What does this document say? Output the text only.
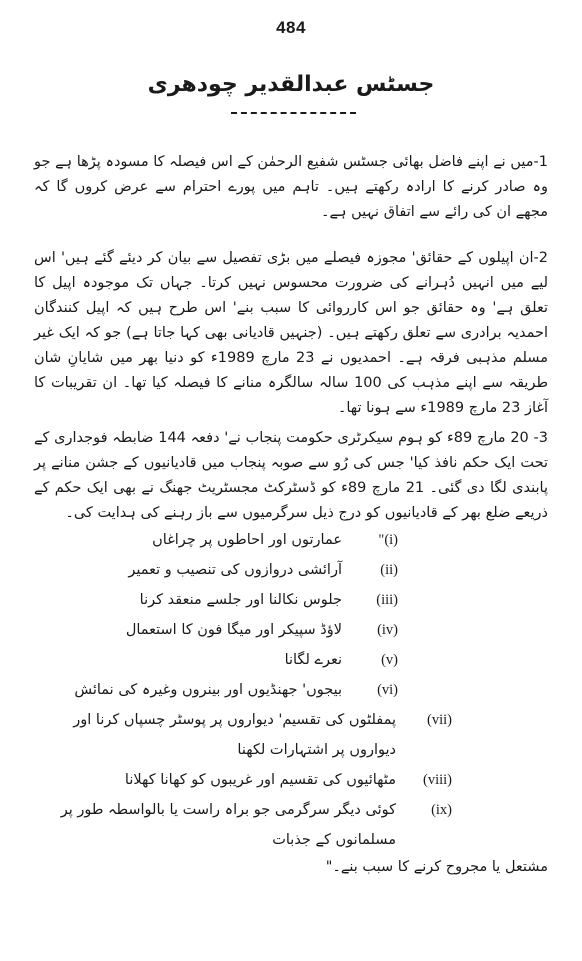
484
جسٹس عبدالقدیر چودھری

1-میں نے اپنے فاضل بھائی جسٹس شفیع الرحمٰن کے اس فیصلہ کا مسودہ پڑھا ہے جو وہ صادر کرنے کا ارادہ رکھتے ہیں۔ تاہم میں پورے احترام سے عرض کروں گا کہ مجھے ان کی رائے سے اتفاق نہیں ہے۔

2-ان اپیلوں کے حقائق' مجوزہ فیصلے میں بڑی تفصیل سے بیان کر دیئے گئے ہیں' اس لیے میں انہیں دُہرانے کی ضرورت محسوس نہیں کرتا۔ جہاں تک موجودہ اپیل کا تعلق ہے' وہ حقائق جو اس کارروائی کا سبب بنے' اس طرح ہیں کہ اپیل کنندگان احمدیہ برادری سے تعلق رکھتے ہیں۔ (جنہیں قادیانی بھی کہا جاتا ہے) جو کہ ایک غیر مسلم مذہبی فرقہ ہے۔ احمدیوں نے 23 مارچ 1989ء کو دنیا بھر میں شایانِ شان طریقہ سے اپنے مذہب کی 100 سالہ سالگرہ منانے کا فیصلہ کیا تھا۔ ان تقریبات کا آغاز 23 مارچ 1989ء سے ہونا تھا۔

3- 20 مارچ 89ء کو ہوم سیکرٹری حکومت پنجاب نے' دفعہ 144 ضابطہ فوجداری کے تحت ایک حکم نافذ کیا' جس کی رُو سے صوبہ پنجاب میں قادیانیوں کے جشن منانے پر پابندی لگا دی گئی۔ 21 مارچ 89ء کو ڈسٹرکٹ مجسٹریٹ جھنگ نے بھی ایک حکم کے ذریعے ضلع بھر کے قادیانیوں کو درج ذیل سرگرمیوں سے باز رہنے کی ہدایت کی۔

"(i)
عمارتوں اور احاطوں پر چراغاں
(ii)
آرائشی دروازوں کی تنصیب و تعمیر
(iii)
جلوس نکالنا اور جلسے منعقد کرنا
(iv)
لاؤڈ سپیکر اور میگا فون کا استعمال
(v)
نعرے لگانا
(vi)
بیجوں' جھنڈیوں اور بینروں وغیرہ کی نمائش
(vii)
پمفلٹوں کی تقسیم' دیواروں پر پوسٹر چسپاں کرنا اور دیواروں پر اشتہارات لکھنا
(viii)
مٹھائیوں کی تقسیم اور غریبوں کو کھانا کھلانا
(ix)
کوئی دیگر سرگرمی جو براہ راست یا بالواسطہ طور پر مسلمانوں کے جذبات
مشتعل یا مجروح کرنے کا سبب بنے۔"
